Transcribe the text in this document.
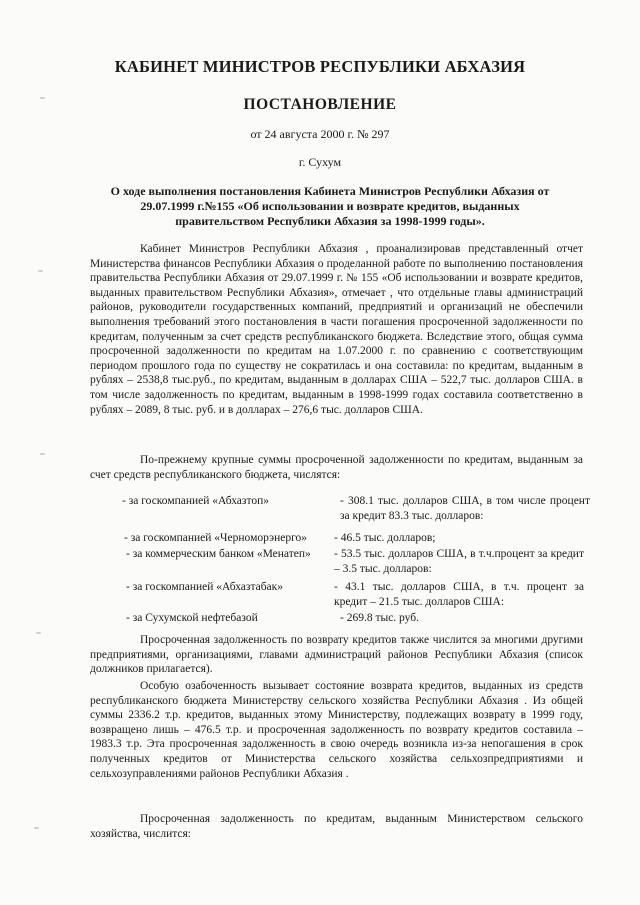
КАБИНЕТ МИНИСТРОВ РЕСПУБЛИКИ АБХАЗИЯ
ПОСТАНОВЛЕНИЕ

от 24 августа 2000 г. № 297

г. Сухум

О ходе выполнения постановления Кабинета Министров Республики Абхазия от 29.07.1999 г.№155 «Об использовании и возврате кредитов, выданных правительством Республики Абхазия за 1998-1999 годы».

Кабинет Министров Республики Абхазия , проанализировав представленный отчет Министерства финансов Республики Абхазия о проделанной работе по выполнению постановления правительства Республики Абхазия от 29.07.1999 г. № 155 «Об использовании и возврате кредитов, выданных правительством Республики Абхазия», отмечает , что отдельные главы администраций районов, руководители государственных компаний, предприятий и организаций не обеспечили выполнения требований этого постановления в части погашения просроченной задолженности по кредитам, полученным за счет средств республиканского бюджета. Вследствие этого, общая сумма просроченной задолженности по кредитам на 1.07.2000 г. по сравнению с соответствующим периодом прошлого года по существу не сократилась и она составила: по кредитам, выданным в рублях – 2538,8 тыс.руб., по кредитам, выданным в долларах США – 522,7 тыс. долларов США. в том числе задолженность по кредитам, выданным в 1998-1999 годах составила соответственно в рублях – 2089, 8 тыс. руб. и в долларах – 276,6 тыс. долларов США.

По-прежнему крупные суммы просроченной задолженности по кредитам, выданным за счет средств республиканского бюджета, числятся:

- за госкомпанией «Абхазтоп»	- 308.1 тыс. долларов США, в том числе процент за кредит 83.3 тыс. долларов:
- за госкомпанией «Черноморэнерго» - 46.5 тыс. долларов;
- за коммерческим банком «Менатеп» - 53.5 тыс. долларов США, в т.ч.процент за кредит – 3.5 тыс. долларов:
- за госкомпанией «Абхазтабак»	- 43.1 тыс. долларов США, в т.ч. процент за кредит – 21.5 тыс. долларов США:
- за Сухумской нефтебазой	- 269.8 тыс. руб.

Просроченная задолженность по возврату кредитов также числится за многими другими предприятиями, организациями, главами администраций районов Республики Абхазия (список должников прилагается).

Особую озабоченность вызывает состояние возврата кредитов, выданных из средств республиканского бюджета Министерству сельского хозяйства Республики Абхазия . Из общей суммы 2336.2 т.р. кредитов, выданных этому Министерству, подлежащих возврату в 1999 году, возвращено лишь – 476.5 т.р. и просроченная задолженность по возврату кредитов составила – 1983.3 т.р. Эта просроченная задолженность в свою очередь возникла из-за непогашения в срок полученных кредитов от Министерства сельского хозяйства сельхозпредприятиями и сельхозуправлениями районов Республики Абхазия .

Просроченная задолженность по кредитам, выданным Министерством сельского хозяйства, числится:
